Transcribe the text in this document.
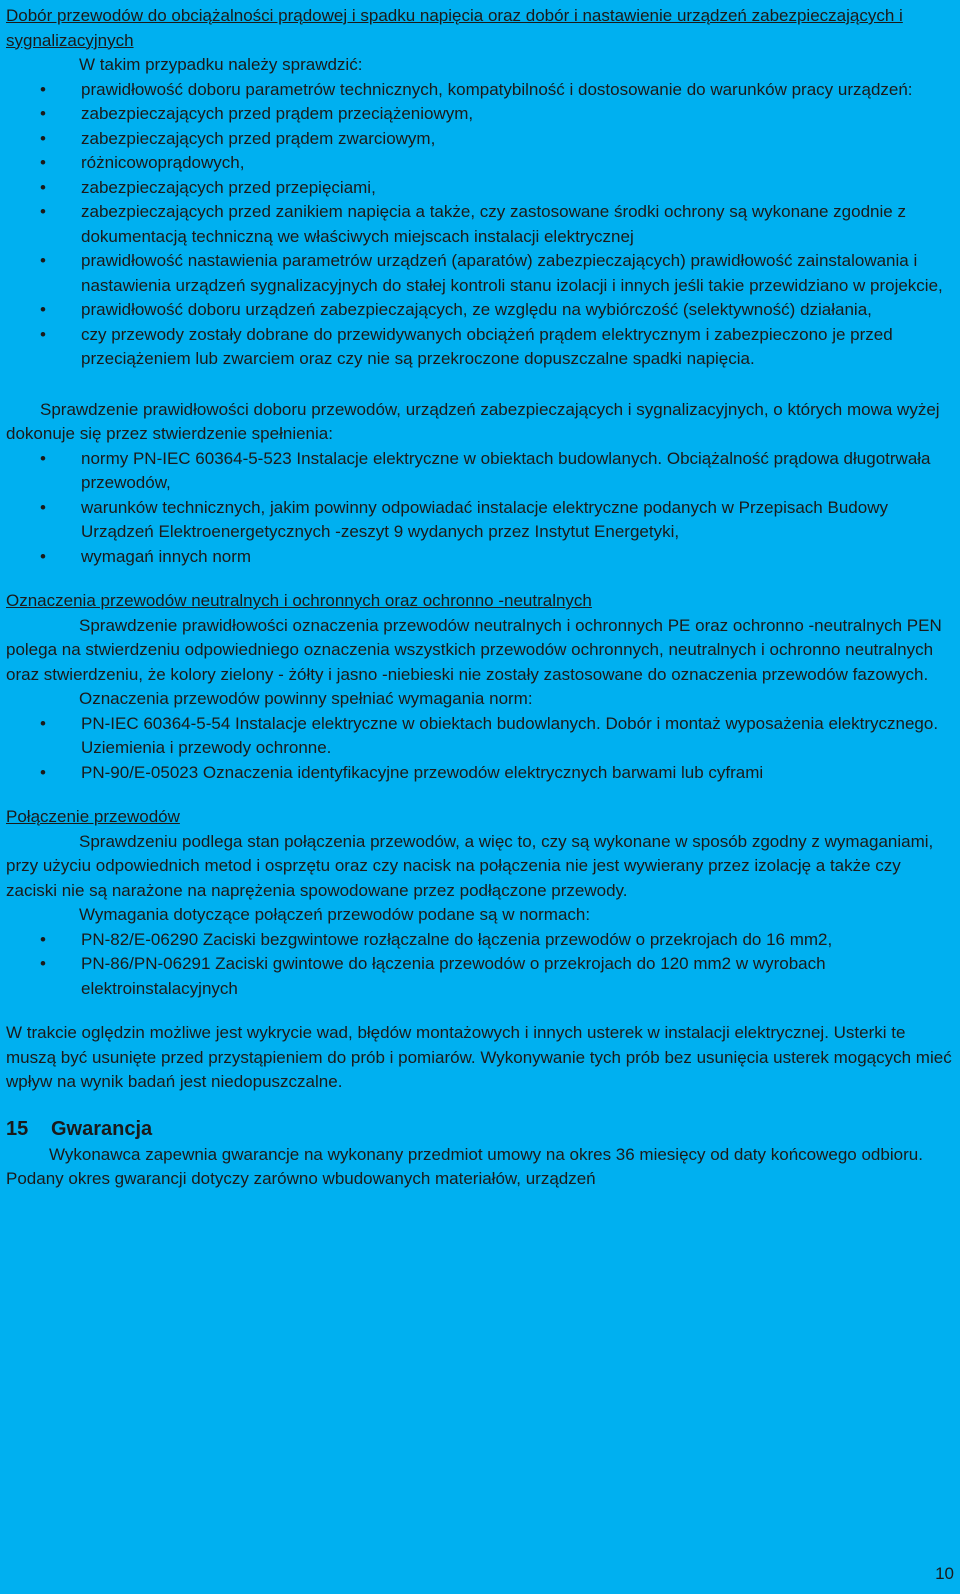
Dobór przewodów do obciążalności prądowej i spadku napięcia oraz dobór i nastawienie urządzeń zabezpieczających i sygnalizacyjnych
W takim przypadku należy sprawdzić:
• prawidłowość doboru parametrów technicznych, kompatybilność i dostosowanie do warunków pracy urządzeń:
• zabezpieczających przed prądem przeciążeniowym,
• zabezpieczających przed prądem zwarciowym,
• różnicowoprądowych,
• zabezpieczających przed przepięciami,
• zabezpieczających przed zanikiem napięcia a także, czy zastosowane środki ochrony są wykonane zgodnie z dokumentacją techniczną we właściwych miejscach instalacji elektrycznej
• prawidłowość nastawienia parametrów urządzeń (aparatów) zabezpieczających) prawidłowość zainstalowania i nastawienia urządzeń sygnalizacyjnych do stałej kontroli stanu izolacji i innych jeśli takie przewidziano w projekcie,
• prawidłowość doboru urządzeń zabezpieczających, ze względu na wybiórczość (selektywność) działania,
• czy przewody zostały dobrane do przewidywanych obciążeń prądem elektrycznym i zabezpieczono je przed przeciążeniem lub zwarciem oraz czy nie są przekroczone dopuszczalne spadki napięcia.
Sprawdzenie prawidłowości doboru przewodów, urządzeń zabezpieczających i sygnalizacyjnych, o których mowa wyżej dokonuje się przez stwierdzenie spełnienia:
• normy PN-IEC 60364-5-523 Instalacje elektryczne w obiektach budowlanych. Obciążalność prądowa długotrwała przewodów,
• warunków technicznych, jakim powinny odpowiadać instalacje elektryczne podanych w Przepisach Budowy Urządzeń Elektroenergetycznych -zeszyt 9 wydanych przez Instytut Energetyki,
• wymagań innych norm
Oznaczenia przewodów neutralnych i ochronnych oraz ochronno -neutralnych
Sprawdzenie prawidłowości oznaczenia przewodów neutralnych i ochronnych PE oraz ochronno -neutralnych PEN polega na stwierdzeniu odpowiedniego oznaczenia wszystkich przewodów ochronnych, neutralnych i ochronno neutralnych oraz stwierdzeniu, że kolory zielony - żółty i jasno -niebieski nie zostały zastosowane do oznaczenia przewodów fazowych.
Oznaczenia przewodów powinny spełniać wymagania norm:
• PN-IEC 60364-5-54 Instalacje elektryczne w obiektach budowlanych. Dobór i montaż wyposażenia elektrycznego. Uziemienia i przewody ochronne.
• PN-90/E-05023 Oznaczenia identyfikacyjne przewodów elektrycznych barwami lub cyframi
Połączenie przewodów
Sprawdzeniu podlega stan połączenia przewodów, a więc to, czy są wykonane w sposób zgodny z wymaganiami, przy użyciu odpowiednich metod i osprzętu oraz czy nacisk na połączenia nie jest wywierany przez izolację a także czy zaciski nie są narażone na naprężenia spowodowane przez podłączone przewody.
Wymagania dotyczące połączeń przewodów podane są w normach:
• PN-82/E-06290 Zaciski bezgwintowe rozłączalne do łączenia przewodów o przekrojach do 16 mm2,
• PN-86/PN-06291 Zaciski gwintowe do łączenia przewodów o przekrojach do 120 mm2 w wyrobach elektroinstalacyjnych
W trakcie oględzin możliwe jest wykrycie wad, błędów montażowych i innych usterek w instalacji elektrycznej. Usterki te muszą być usunięte przed przystąpieniem do prób i pomiarów. Wykonywanie tych prób bez usunięcia usterek mogących mieć wpływ na wynik badań jest niedopuszczalne.
15 Gwarancja
Wykonawca zapewnia gwarancje na wykonany przedmiot umowy na okres 36 miesięcy od daty końcowego odbioru. Podany okres gwarancji dotyczy zarówno wbudowanych materiałów, urządzeń
10
